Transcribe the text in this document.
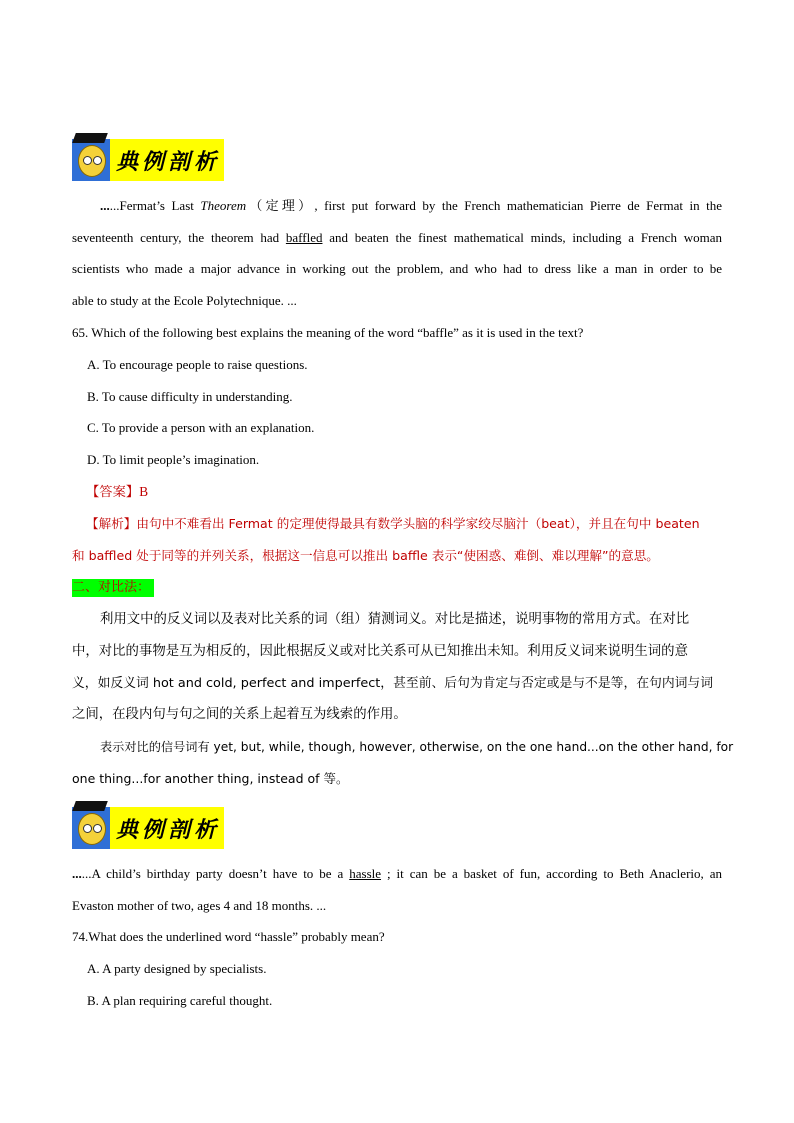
典例剖析
......Fermat’s Last Theorem（定理）, first put forward by the French mathematician Pierre de Fermat in the
seventeenth century, the theorem had baffled and beaten the finest mathematical minds, including a French woman
scientists who made a major advance in working out the problem, and who had to dress like a man in order to be
able to study at the Ecole Polytechnique. ...
65. Which of the following best explains the meaning of the word “baffle” as it is used in the text?
A. To encourage people to raise questions.
B. To cause difficulty in understanding.
C. To provide a person with an explanation.
D. To limit people’s imagination.
【答案】B
【解析】由句中不难看出 Fermat 的定理使得最具有数学头脑的科学家绞尽脑汁（beat），并且在句中 beaten
和 baffled 处于同等的并列关系，根据这一信息可以推出 baffle 表示“使困惑、难倒、难以理解”的意思。
二、对比法：
利用文中的反义词以及表对比关系的词（组）猜测词义。对比是描述，说明事物的常用方式。在对比
中，对比的事物是互为相反的，因此根据反义或对比关系可从已知推出未知。利用反义词来说明生词的意
义，如反义词 hot and cold, perfect and imperfect，甚至前、后句为肯定与否定或是与不是等，在句内词与词
之间，在段内句与句之间的关系上起着互为线索的作用。
表示对比的信号词有 yet, but, while, though, however, otherwise, on the one hand...on the other hand, for
one thing...for another thing, instead of 等。
典例剖析
......A child’s birthday party doesn’t have to be a hassle ; it can be a basket of fun, according to Beth Anaclerio, an
Evaston mother of two, ages 4 and 18 months. ...
74.What does the underlined word “hassle” probably mean?
A. A party designed by specialists.
B. A plan requiring careful thought.
